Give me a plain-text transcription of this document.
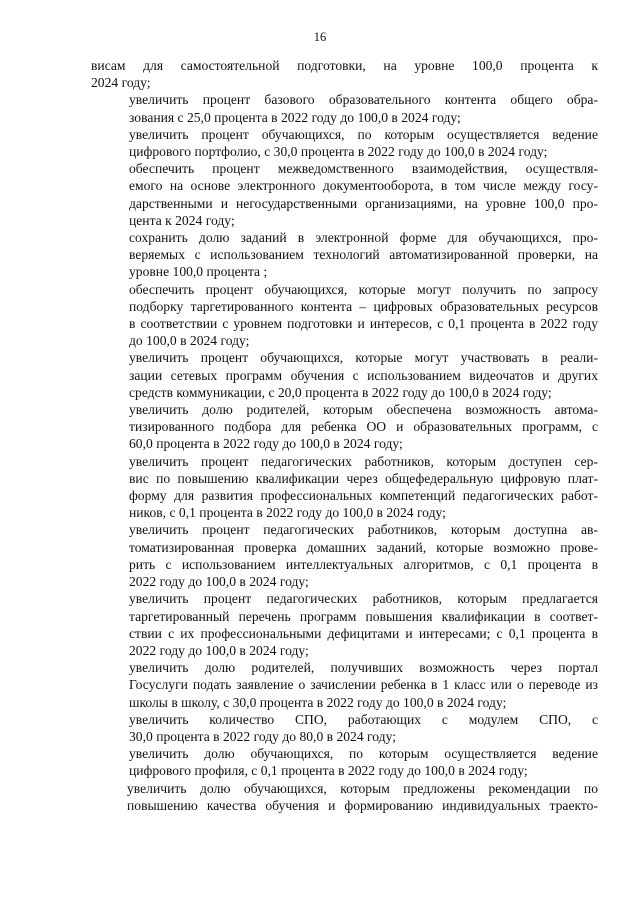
16

висам для самостоятельной подготовки, на уровне 100,0 процента к
2024 году;

увеличить процент базового образовательного контента общего обра-
зования с 25,0 процента в 2022 году до 100,0 в 2024 году;

увеличить процент обучающихся, по которым осуществляется ведение
цифрового портфолио, с 30,0 процента в 2022 году до 100,0 в 2024 году;

обеспечить процент межведомственного взаимодействия, осуществля-
емого на основе электронного документооборота, в том числе между госу-
дарственными и негосударственными организациями, на уровне 100,0 про-
цента к 2024 году;

сохранить долю заданий в электронной форме для обучающихся, про-
веряемых с использованием технологий автоматизированной проверки, на
уровне 100,0 процента ;

обеспечить процент обучающихся, которые могут получить по запросу
подборку таргетированного контента – цифровых образовательных ресурсов
в соответствии с уровнем подготовки и интересов, с 0,1 процента в 2022 году
до 100,0 в 2024 году;

увеличить процент обучающихся, которые могут участвовать в реали-
зации сетевых программ обучения с использованием видеочатов и других
средств коммуникации, с 20,0 процента в 2022 году до 100,0 в 2024 году;

увеличить долю родителей, которым обеспечена возможность автома-
тизированного подбора для ребенка ОО и образовательных программ, с
60,0 процента в 2022 году до 100,0 в 2024 году;

увеличить процент педагогических работников, которым доступен сер-
вис по повышению квалификации через общефедеральную цифровую плат-
форму для развития профессиональных компетенций педагогических работ-
ников, с 0,1 процента в 2022 году до 100,0 в 2024 году;

увеличить процент педагогических работников, которым доступна ав-
томатизированная проверка домашних заданий, которые возможно прове-
рить с использованием интеллектуальных алгоритмов, с 0,1 процента в
2022 году до 100,0 в 2024 году;

увеличить процент педагогических работников, которым предлагается
таргетированный перечень программ повышения квалификации в соответ-
ствии с их профессиональными дефицитами и интересами; с 0,1 процента в
2022 году до 100,0 в 2024 году;

увеличить долю родителей, получивших возможность через портал
Госуслуги подать заявление о зачислении ребенка в 1 класс или о переводе из
школы в школу, с 30,0 процента в 2022 году до 100,0 в 2024 году;

увеличить количество СПО, работающих с модулем СПО, с
30,0 процента в 2022 году до 80,0 в 2024 году;

увеличить долю обучающихся, по которым осуществляется ведение
цифрового профиля, с 0,1 процента в 2022 году до 100,0 в 2024 году;

увеличить долю обучающихся, которым предложены рекомендации по
повышению качества обучения и формированию индивидуальных траекто-
